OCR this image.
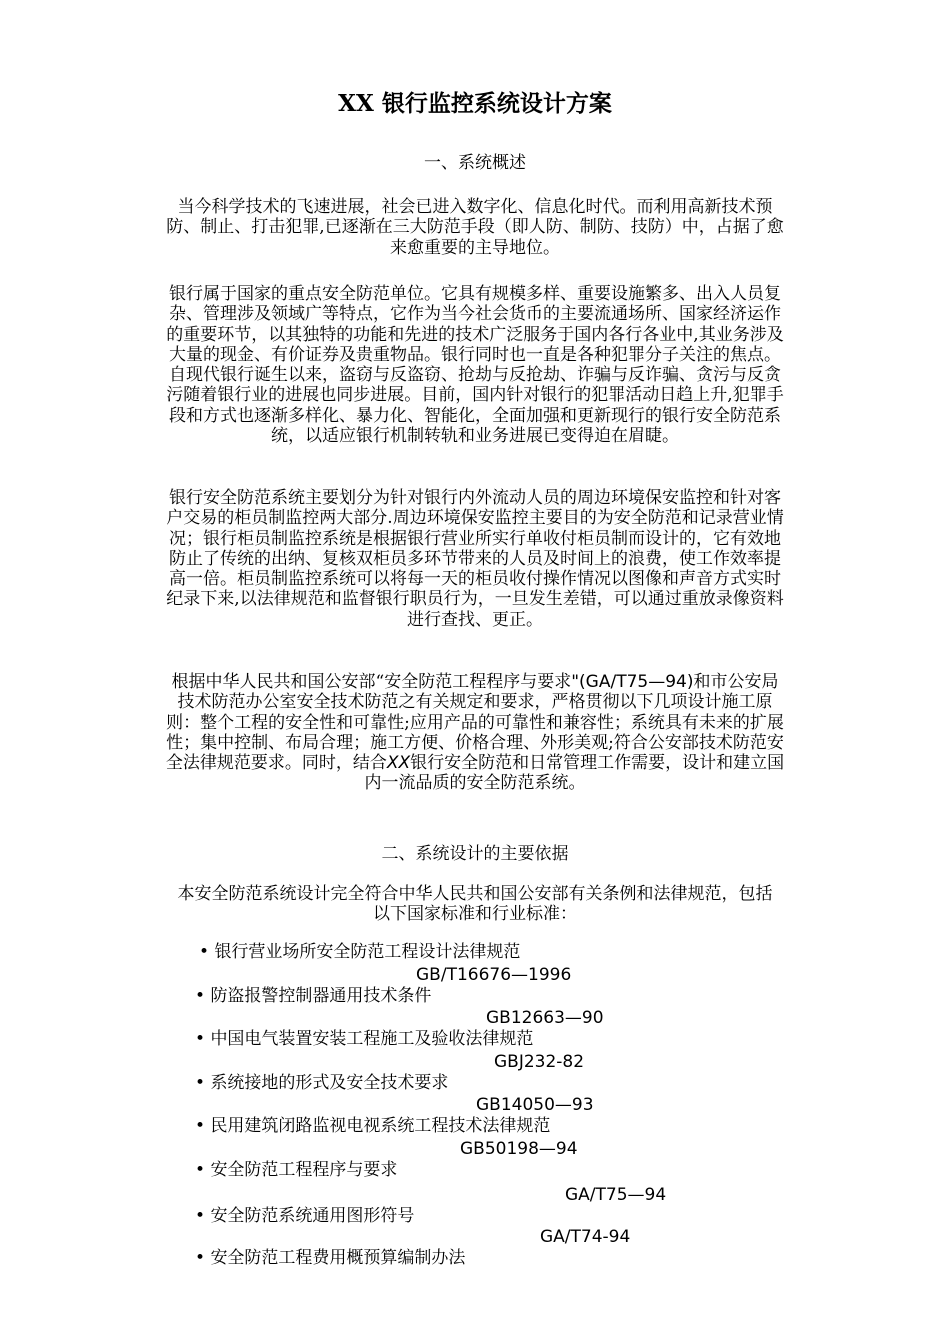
XX 银行监控系统设计方案
一、系统概述
当今科学技术的飞速进展，社会已进入数字化、信息化时代。而利用高新技术预防、制止、打击犯罪,已逐渐在三大防范手段（即人防、制防、技防）中，占据了愈来愈重要的主导地位。
银行属于国家的重点安全防范单位。它具有规模多样、重要设施繁多、出入人员复杂、管理涉及领域广等特点，它作为当今社会货币的主要流通场所、国家经济运作的重要环节，以其独特的功能和先进的技术广泛服务于国内各行各业中,其业务涉及大量的现金、有价证券及贵重物品。银行同时也一直是各种犯罪分子关注的焦点。自现代银行诞生以来，盗窃与反盗窃、抢劫与反抢劫、诈骗与反诈骗、贪污与反贪污随着银行业的进展也同步进展。目前，国内针对银行的犯罪活动日趋上升,犯罪手段和方式也逐渐多样化、暴力化、智能化，全面加强和更新现行的银行安全防范系统，以适应银行机制转轨和业务进展已变得迫在眉睫。
银行安全防范系统主要划分为针对银行内外流动人员的周边环境保安监控和针对客户交易的柜员制监控两大部分.周边环境保安监控主要目的为安全防范和记录营业情况；银行柜员制监控系统是根据银行营业所实行单收付柜员制而设计的，它有效地防止了传统的出纳、复核双柜员多环节带来的人员及时间上的浪费，使工作效率提高一倍。柜员制监控系统可以将每一天的柜员收付操作情况以图像和声音方式实时纪录下来,以法律规范和监督银行职员行为，一旦发生差错，可以通过重放录像资料进行查找、更正。
根据中华人民共和国公安部“安全防范工程程序与要求"(GA/T75—94)和市公安局技术防范办公室安全技术防范之有关规定和要求，严格贯彻以下几项设计施工原则：整个工程的安全性和可靠性;应用产品的可靠性和兼容性；系统具有未来的扩展性；集中控制、布局合理；施工方便、价格合理、外形美观;符合公安部技术防范安全法律规范要求。同时，结合XX银行安全防范和日常管理工作需要，设计和建立国内一流品质的安全防范系统。
二、系统设计的主要依据
本安全防范系统设计完全符合中华人民共和国公安部有关条例和法律规范，包括以下国家标准和行业标准：
• 银行营业场所安全防范工程设计法律规范
GB/T16676—1996
• 防盗报警控制器通用技术条件
GB12663—90
• 中国电气装置安装工程施工及验收法律规范
GBJ232-82
• 系统接地的形式及安全技术要求
GB14050—93
• 民用建筑闭路监视电视系统工程技术法律规范
GB50198—94
• 安全防范工程程序与要求
GA/T75—94
• 安全防范系统通用图形符号
GA/T74-94
• 安全防范工程费用概预算编制办法
